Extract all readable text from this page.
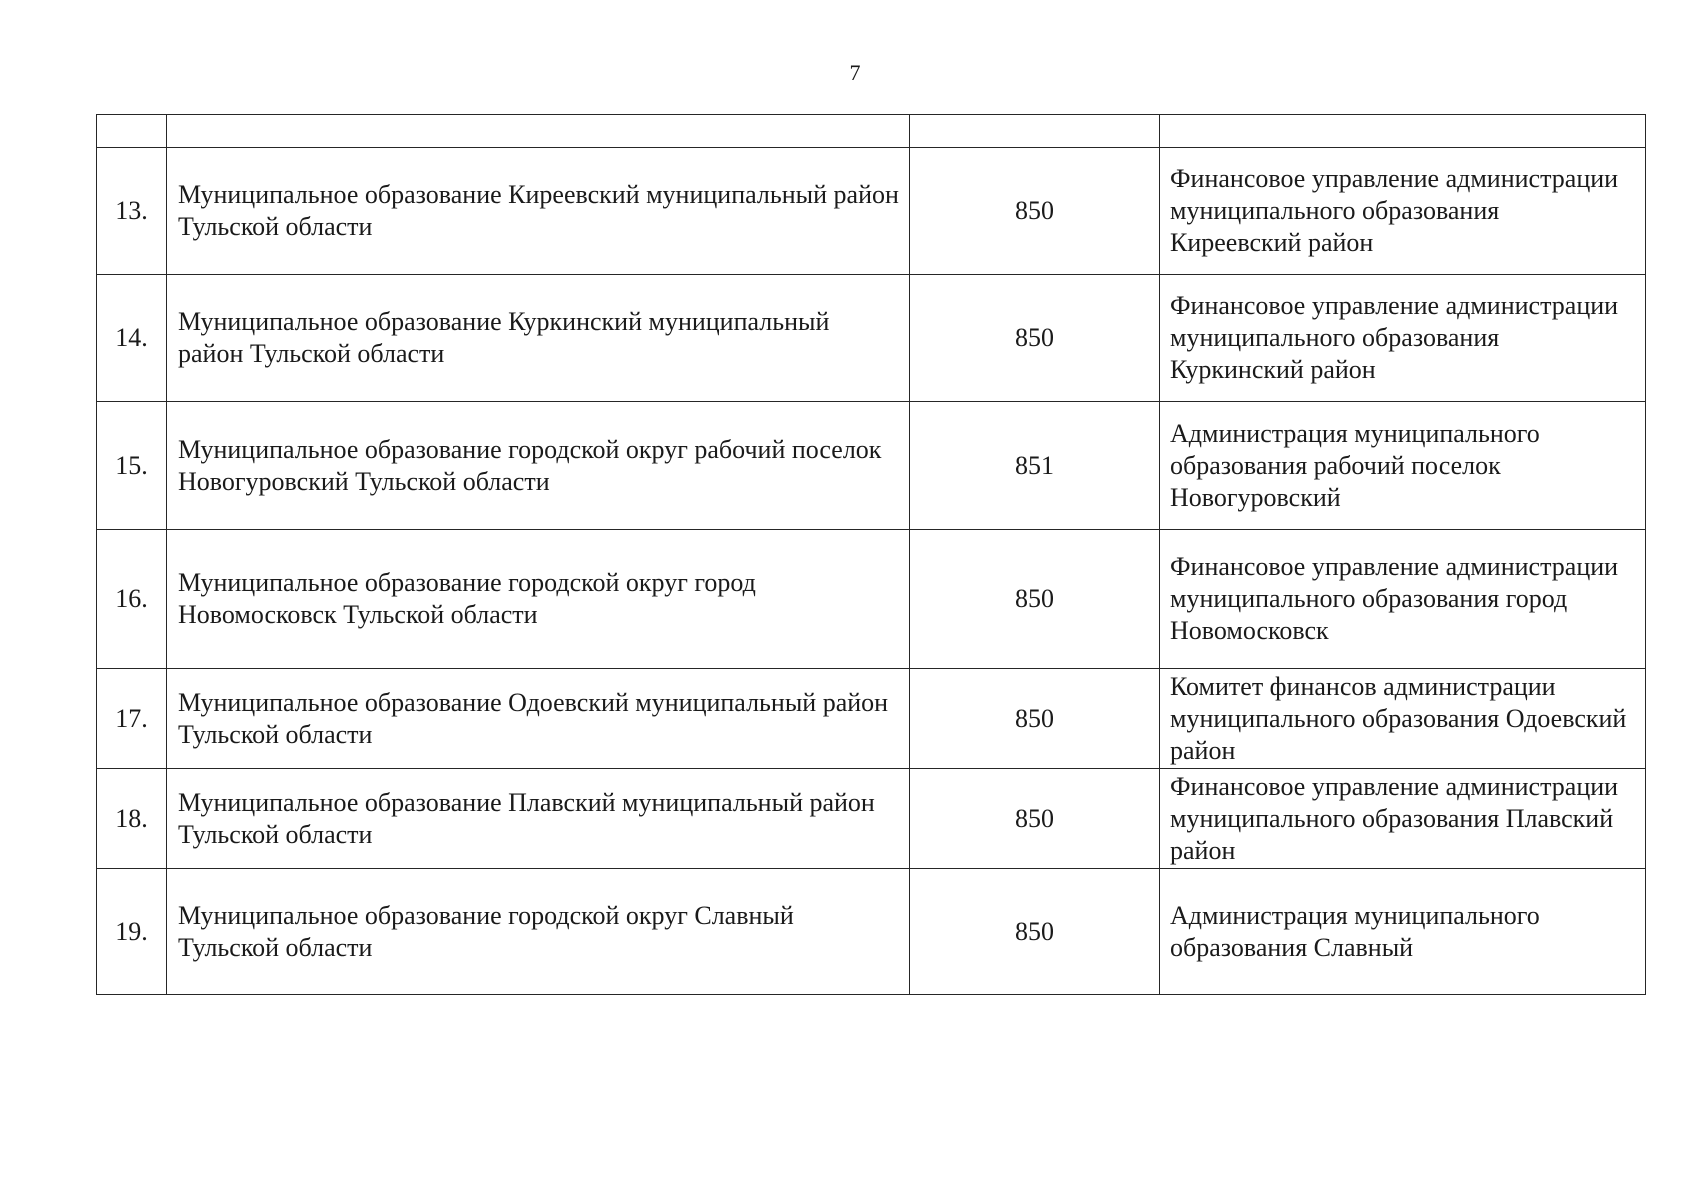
7

13.	Муниципальное образование Киреевский муниципальный район Тульской области	850	Финансовое управление администрации муниципального образования Киреевский район
14.	Муниципальное образование Куркинский муниципальный район Тульской области	850	Финансовое управление администрации муниципального образования Куркинский район
15.	Муниципальное образование городской округ рабочий поселок Новогуровский Тульской области	851	Администрация муниципального образования рабочий поселок Новогуровский
16.	Муниципальное образование городской округ город Новомосковск Тульской области	850	Финансовое управление администрации муниципального образования город Новомосковск
17.	Муниципальное образование Одоевский муниципальный район Тульской области	850	Комитет финансов администрации муниципального образования Одоевский район
18.	Муниципальное образование Плавский муниципальный район Тульской области	850	Финансовое управление администрации муниципального образования Плавский район
19.	Муниципальное образование городской округ Славный Тульской области	850	Администрация муниципального образования Славный
